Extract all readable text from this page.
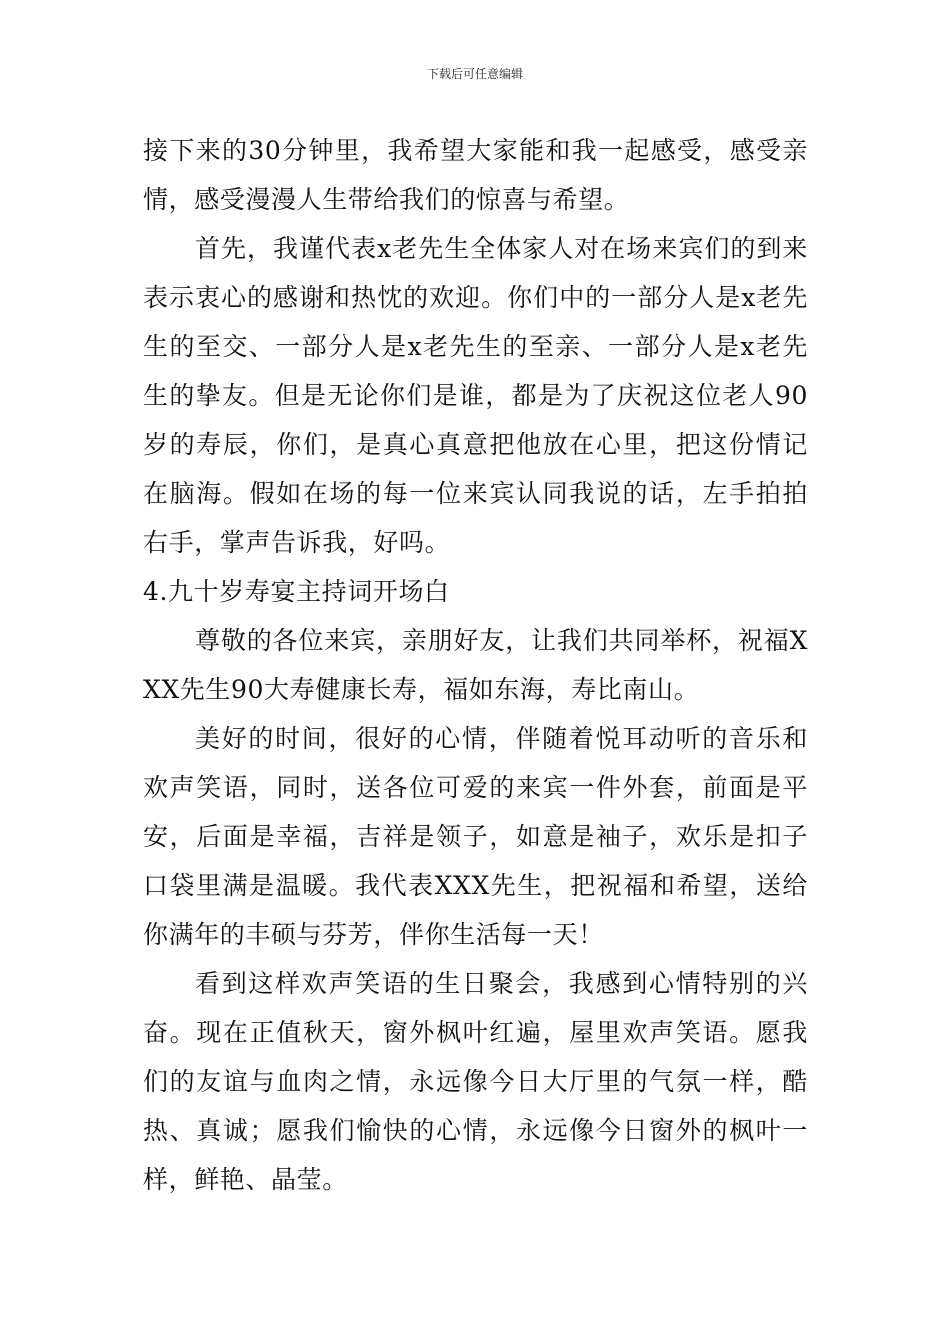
下载后可任意编辑

接下来的30分钟里，我希望大家能和我一起感受，感受亲情，感受漫漫人生带给我们的惊喜与希望。

首先，我谨代表x老先生全体家人对在场来宾们的到来表示衷心的感谢和热忱的欢迎。你们中的一部分人是x老先生的至交、一部分人是x老先生的至亲、一部分人是x老先生的挚友。但是无论你们是谁，都是为了庆祝这位老人90岁的寿辰，你们，是真心真意把他放在心里，把这份情记在脑海。假如在场的每一位来宾认同我说的话，左手拍拍右手，掌声告诉我，好吗。

4.九十岁寿宴主持词开场白

尊敬的各位来宾，亲朋好友，让我们共同举杯，祝福XXX先生90大寿健康长寿，福如东海，寿比南山。

美好的时间，很好的心情，伴随着悦耳动听的音乐和欢声笑语，同时，送各位可爱的来宾一件外套，前面是平安，后面是幸福，吉祥是领子，如意是袖子，欢乐是扣子口袋里满是温暖。我代表XXX先生，把祝福和希望，送给你满年的丰硕与芬芳，伴你生活每一天！

看到这样欢声笑语的生日聚会，我感到心情特别的兴奋。现在正值秋天，窗外枫叶红遍，屋里欢声笑语。愿我们的友谊与血肉之情，永远像今日大厅里的气氛一样，酷热、真诚；愿我们愉快的心情，永远像今日窗外的枫叶一样，鲜艳、晶莹。
